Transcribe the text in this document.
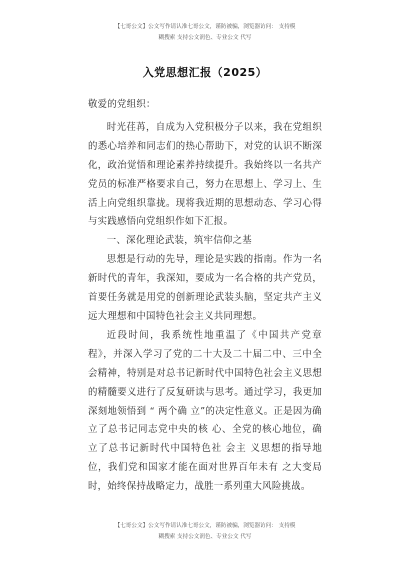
【七哥公文】公文写作请认准七哥公文，谨防被骗，浏览器访问： 支持模
糊搜索 支持公文润色、专业公文 代写
入党思想汇报（2025）

敬爱的党组织：

时光荏苒，自成为入党积极分子以来，我在党组织的悉心培养和同志们的热心帮助下，对党的认识不断深化，政治觉悟和理论素养持续提升。我始终以一名共产党员的标准严格要求自己，努力在思想上、学习上、生活上向党组织靠拢。现将我近期的思想动态、学习心得与实践感悟向党组织作如下汇报。

一、深化理论武装，筑牢信仰之基

思想是行动的先导，理论是实践的指南。作为一名新时代的青年，我深知，要成为一名合格的共产党员，首要任务就是用党的创新理论武装头脑，坚定共产主义远大理想和中国特色社会主义共同理想。

近段时间，我系统性地重温了《中国共产党章程》，并深入学习了党的二十大及二十届二中、三中全会精神，特别是对总书记新时代中国特色社会主义思想的精髓要义进行了反复研读与思考。通过学习，我更加深刻地领悟到 “ 两个确 立”的决定性意义。正是因为确立了总书记同志党中央的核 心、全党的核心地位，确立了总书记新时代中国特色社 会主 义思想的指导地位，我们党和国家才能在面对世界百年未有 之大变局时，始终保持战略定力，战胜一系列重大风险挑战。

【七哥公文】公文写作请认准七哥公文，谨防被骗，浏览器访问： 支持模
糊搜索 支持公文润色、专业公文 代写
